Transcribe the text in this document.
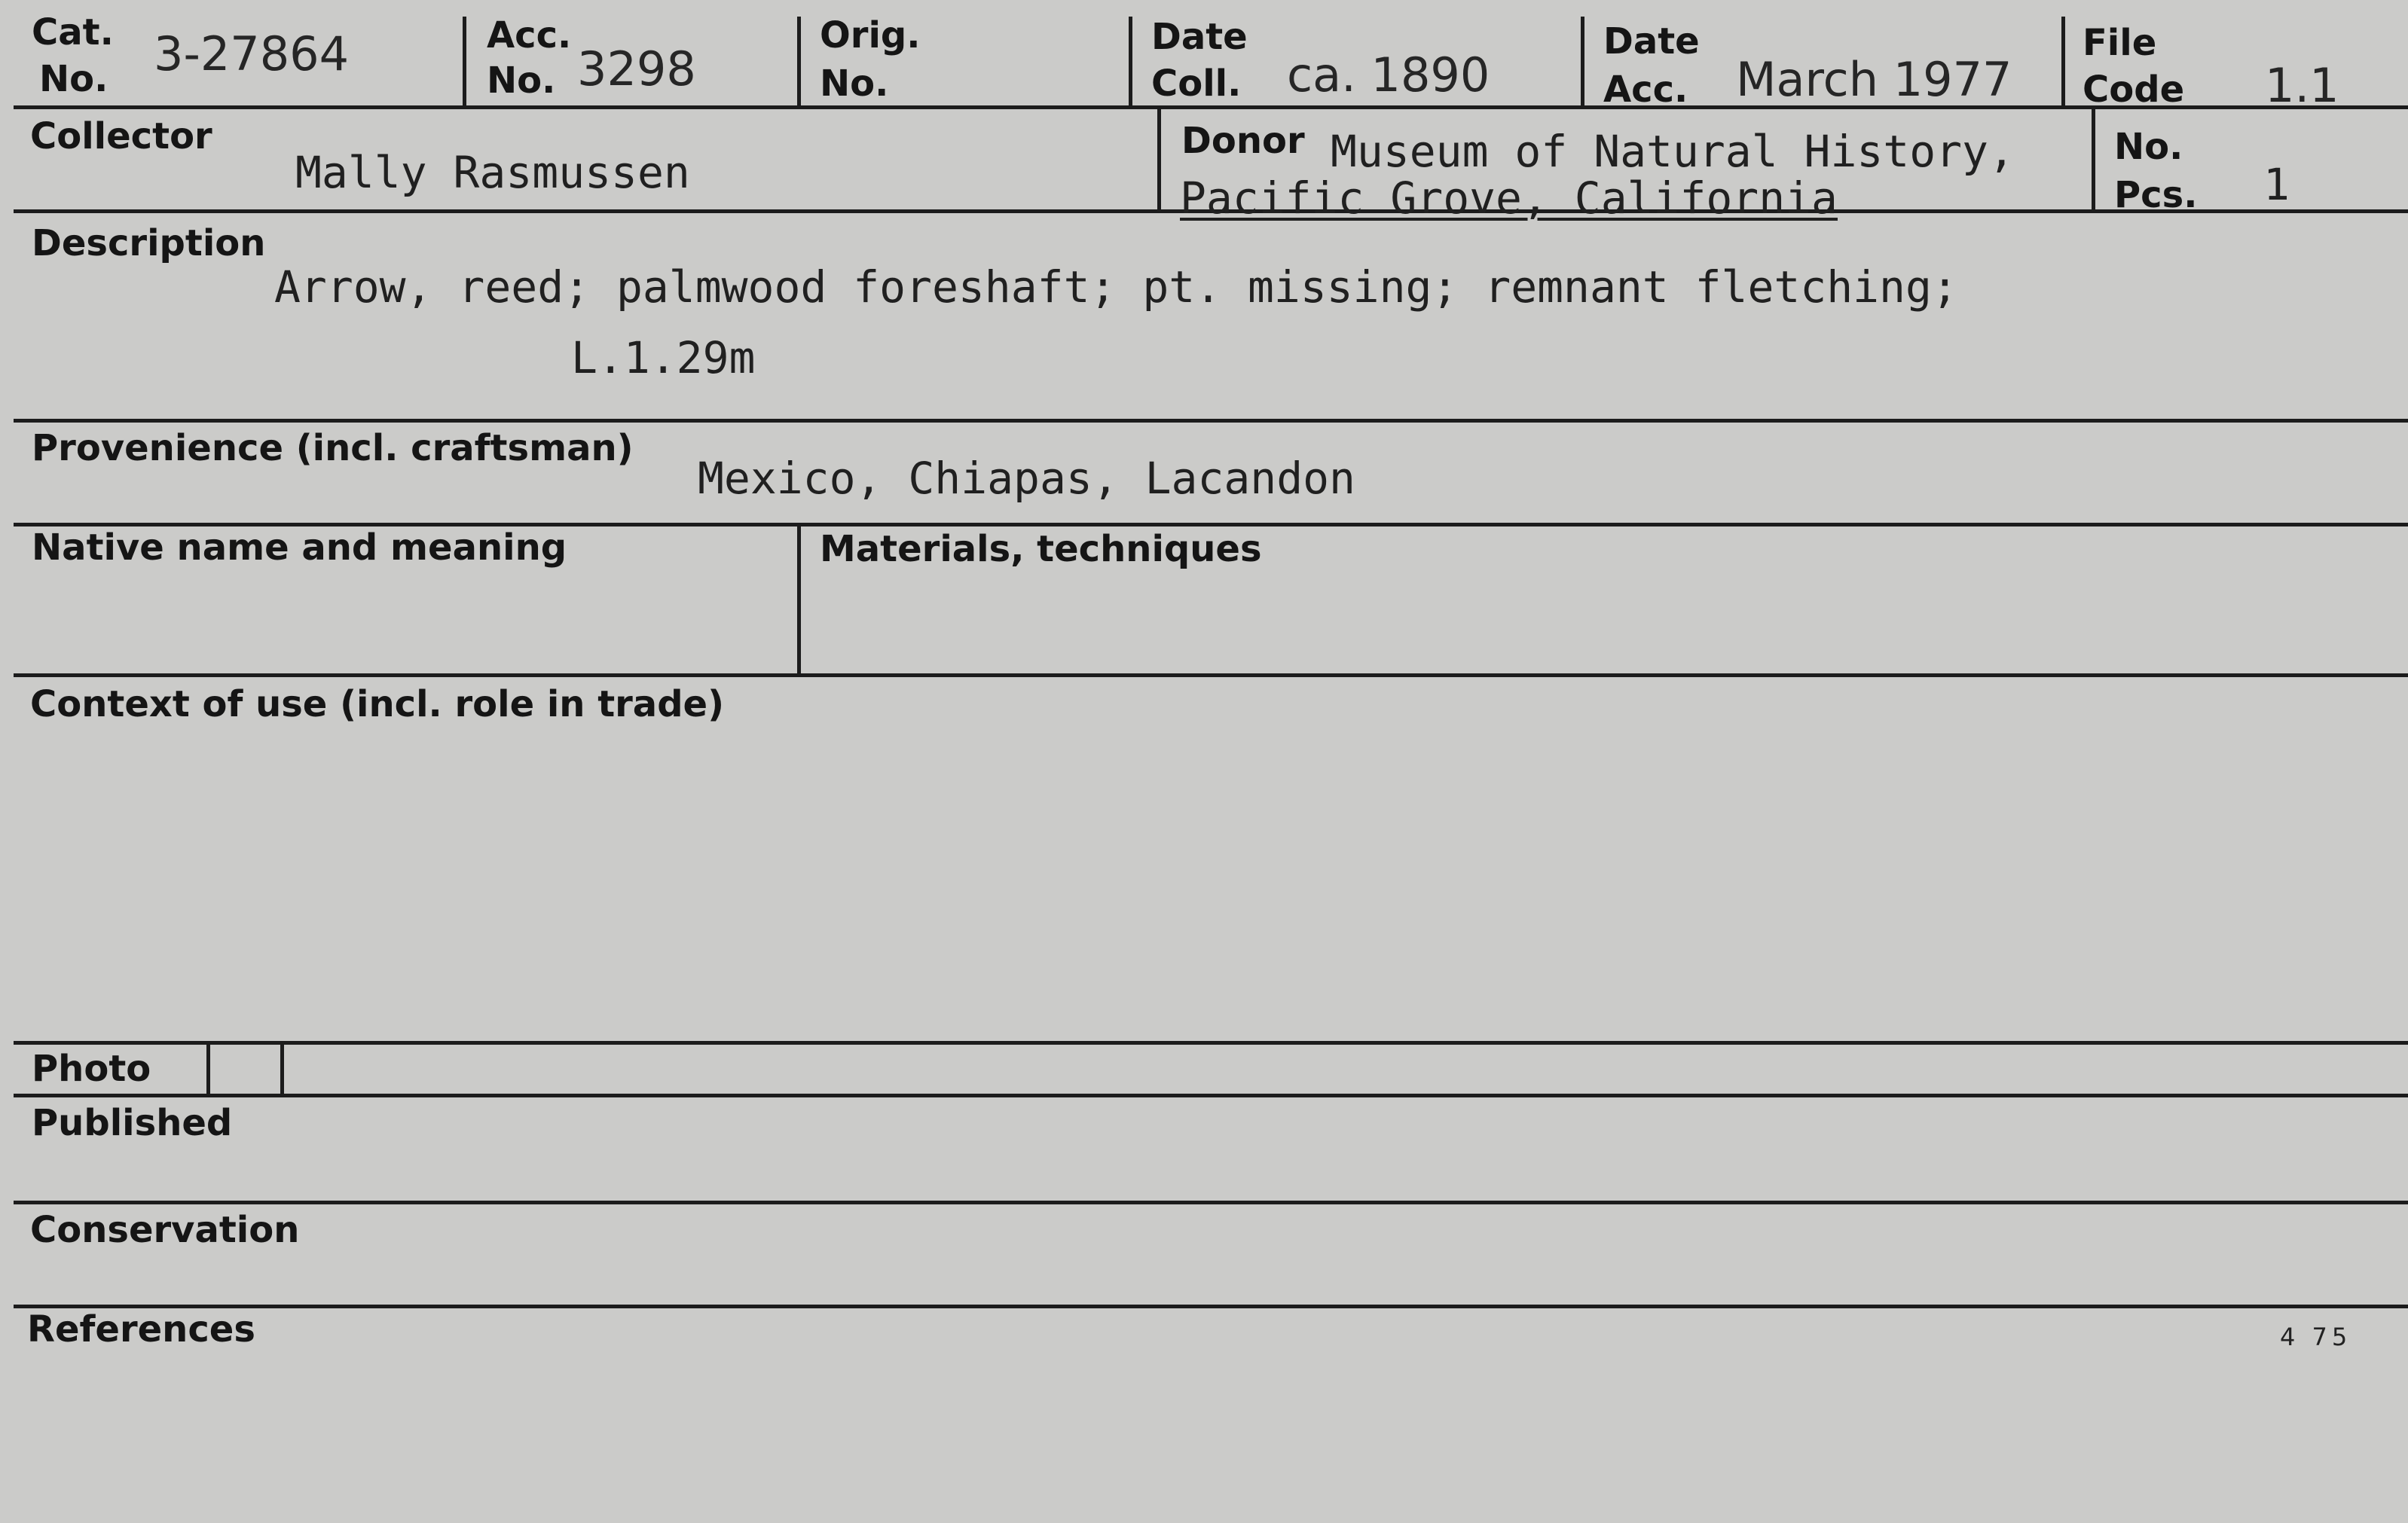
Cat.
No. 3-27864	Acc.
No. 3298
Orig.
No.
Date
Coll. ca. 1890
Date
Acc. March 1977
File
Code 1.1
Collector
Mally Rasmussen
Donor Museum of Natural History,
Pacific Grove, California
No.
Pcs. 1
Description
Arrow, reed; palmwood foreshaft; pt. missing; remnant fletching;
L.1.29m
Provenience (incl. craftsman)
Mexico, Chiapas, Lacandon
Native name and meaning	Materials, techniques
Context of use (incl. role in trade)
Photo
Published
Conservation
References	4 75
